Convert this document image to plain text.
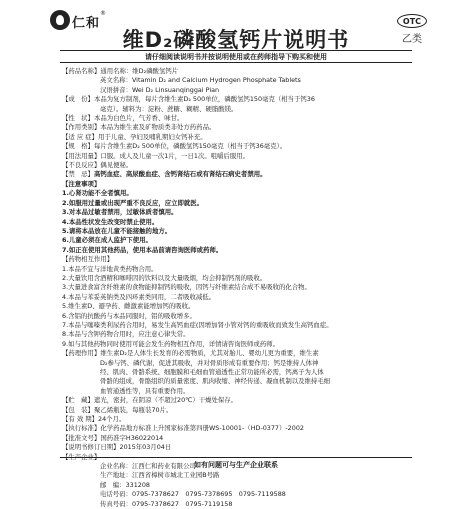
仁和
®
OTC
乙类
维D₂磷酸氢钙片说明书
请仔细阅读说明书并按说明使用或在药师指导下购买和使用
【药品名称】通用名称：维D₂磷酸氢钙片
英文名称：Vitamin D₂ and Calcium Hydrogen Phosphate Tablets
汉语拼音：Wei D₂ Linsuanqinggai Pian
【成　份】本品为复方制剂，每片含维生素D₂ 500单位，磷酸氢钙150毫克（相当于钙36
毫克）。辅料为：淀粉、蔗糖、糊精、硬脂酸镁。
【性　状】本品为白色片，气芳香、味甘。
【作用类别】本品为维生素及矿物质类非处方药药品。
【适 应 症】用于儿童、孕妇及哺乳期妇女钙补充。
【规　格】每片含维生素D₂ 500单位，磷酸氢钙150毫克（相当于钙36毫克）。
【用法用量】口服。成人及儿童一次1片，一日1次。咀嚼后服用。
【不良反应】偶见便秘。
【禁　忌】高钙血症、高尿酸血症、含钙肾结石或有肾结石病史者禁用。
【注意事项】
1.心肾功能不全者慎用。
2.如服用过量或出现严重不良反应，应立即就医。
3.对本品过敏者禁用，过敏体质者慎用。
4.本品性状发生改变时禁止使用。
5.请将本品放在儿童不能接触的地方。
6.儿童必须在成人监护下使用。
7.如正在使用其他药品，使用本品前请咨询医师或药师。
【药物相互作用】
1.本品不宜与洋地黄类药物合用。
2.大量饮用含酒精和咖啡因的饮料以及大量吸烟，均会抑制钙剂的吸收。
3.大量进食富含纤维素的食物能抑制钙的吸收，因钙与纤维素结合成不易吸收的化合物。
4.本品与苯妥英钠类及四环素类同用，二者吸收减低。
5.维生素D、避孕药、雌激素能增加钙的吸收。
6.含铝的抗酸药与本品同服时，铝的吸收增多。
7.本品与噻嗪类利尿药合用时，易发生高钙血症(因增加肾小管对钙的重吸收而致发生高钙血症。
8.本品与含钾药物合用时，应注意心律失常。
9.如与其他药物同时使用可能会发生药物相互作用，详情请咨询医师或药师。
【药理作用】维生素D₂是人体生长发育的必需物质，尤其对胎儿、婴幼儿更为重要，维生素
D₂参与钙、磷代谢，促进其吸收，并对骨质形成有重要作用；钙是维持人体神
经、肌肉、骨骼系统、细胞膜和毛细血管通透性正常功能所必需，钙离子为人体
骨骼的组成，骨骼组织的质量密度、肌肉收缩、神经传递、凝血机制以及维持毛细
血管通透性等，具有重要作用。
【贮　藏】遮光，密封，在阴凉（不超过20℃）干燥处保存。
【包　装】聚乙烯瓶装，每瓶装70片。
【有 效 期】24个月。
【执行标准】化学药品地方标准上升国家标准第四册WS-10001-（HD-0377）-2002
【批准文号】国药准字H36022014
【说明书修订日期】2015年03月04日
【生产企业】
企业名称：江西仁和药业有限公司
生产地址：江西省樟树市城北工业园B号路
邮　编：331208
电话号码：0795-7378627　0795-7378695　0795-7119588
传真号码：0795-7378627　0795-7119158
如有问题可与生产企业联系
